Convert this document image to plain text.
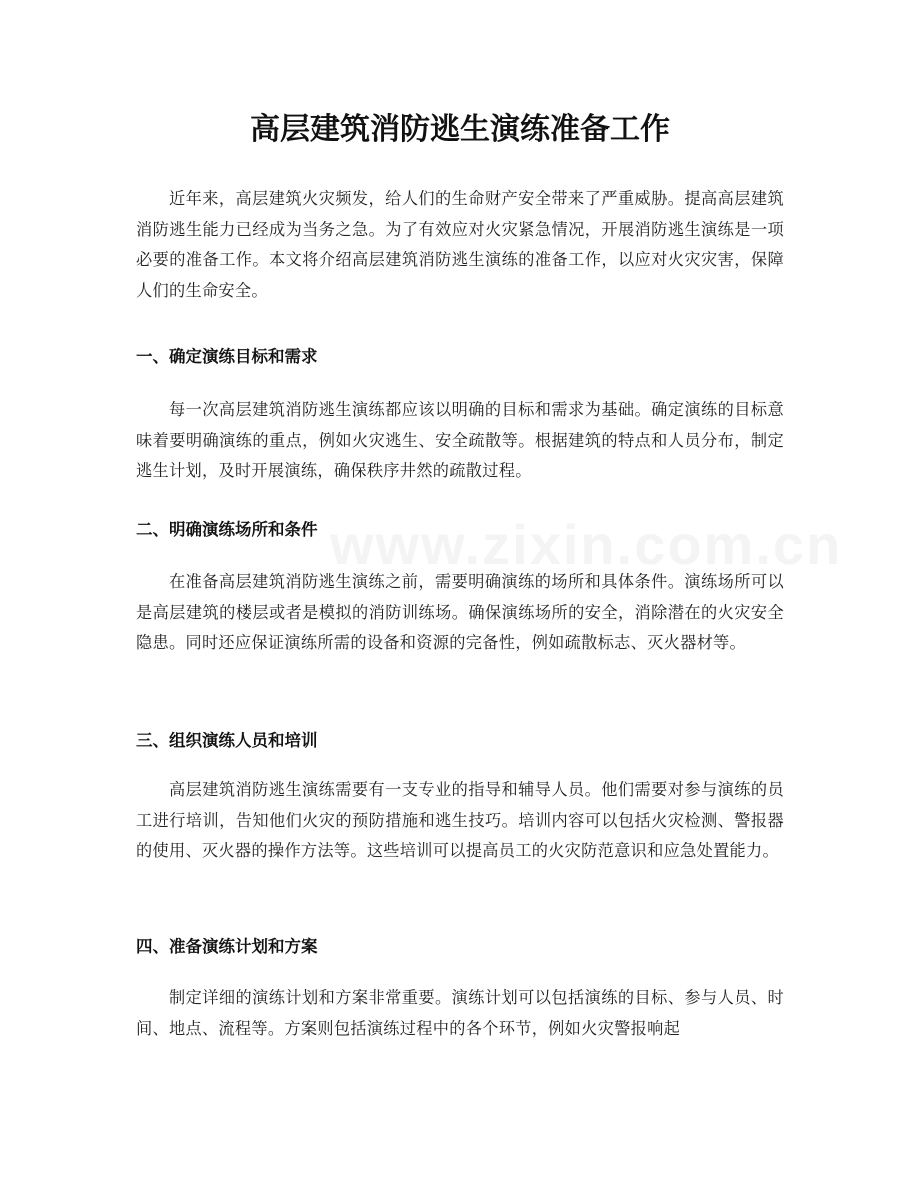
高层建筑消防逃生演练准备工作

近年来，高层建筑火灾频发，给人们的生命财产安全带来了严重威胁。提高高层建筑消防逃生能力已经成为当务之急。为了有效应对火灾紧急情况，开展消防逃生演练是一项必要的准备工作。本文将介绍高层建筑消防逃生演练的准备工作，以应对火灾灾害，保障人们的生命安全。

一、确定演练目标和需求

每一次高层建筑消防逃生演练都应该以明确的目标和需求为基础。确定演练的目标意味着要明确演练的重点，例如火灾逃生、安全疏散等。根据建筑的特点和人员分布，制定逃生计划，及时开展演练，确保秩序井然的疏散过程。

二、明确演练场所和条件

在准备高层建筑消防逃生演练之前，需要明确演练的场所和具体条件。演练场所可以是高层建筑的楼层或者是模拟的消防训练场。确保演练场所的安全，消除潜在的火灾安全隐患。同时还应保证演练所需的设备和资源的完备性，例如疏散标志、灭火器材等。

三、组织演练人员和培训

高层建筑消防逃生演练需要有一支专业的指导和辅导人员。他们需要对参与演练的员工进行培训，告知他们火灾的预防措施和逃生技巧。培训内容可以包括火灾检测、警报器的使用、灭火器的操作方法等。这些培训可以提高员工的火灾防范意识和应急处置能力。

四、准备演练计划和方案

制定详细的演练计划和方案非常重要。演练计划可以包括演练的目标、参与人员、时间、地点、流程等。方案则包括演练过程中的各个环节，例如火灾警报响起

www.zixin.com.cn
